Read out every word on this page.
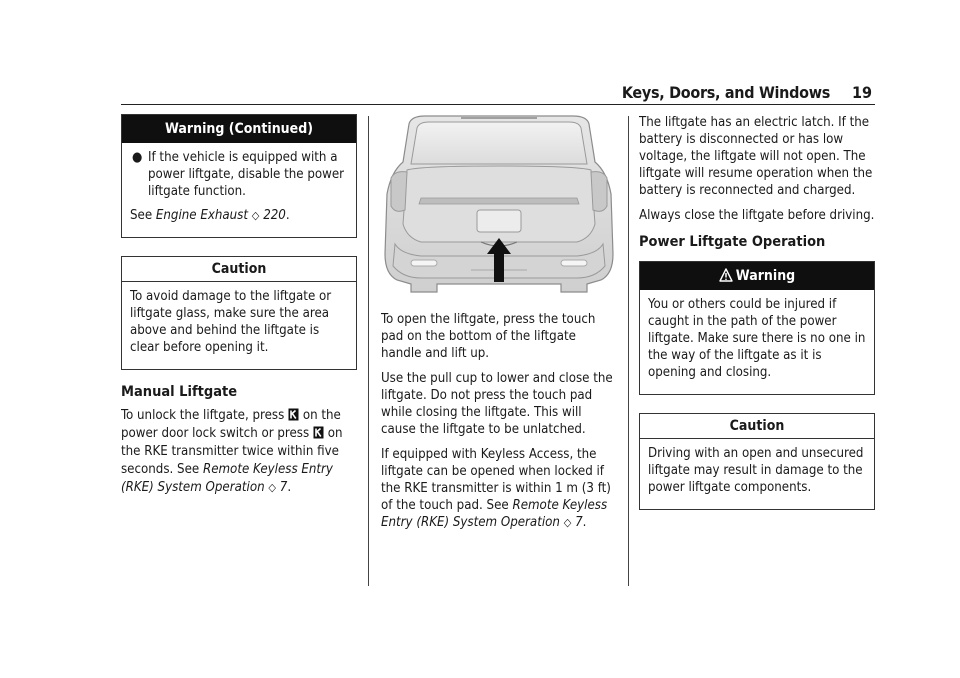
Keys, Doors, and Windows 19
Warning (Continued)
● If the vehicle is equipped with a power liftgate, disable the power liftgate function.

See Engine Exhaust ◇ 220.

Caution

To avoid damage to the liftgate or liftgate glass, make sure the area above and behind the liftgate is clear before opening it.

Manual Liftgate

To unlock the liftgate, press  on the power door lock switch or press  on the RKE transmitter twice within five seconds. See Remote Keyless Entry (RKE) System Operation ◇ 7.

To open the liftgate, press the touch pad on the bottom of the liftgate handle and lift up.

Use the pull cup to lower and close the liftgate. Do not press the touch pad while closing the liftgate. This will cause the liftgate to be unlatched.

If equipped with Keyless Access, the liftgate can be opened when locked if the RKE transmitter is within 1 m (3 ft) of the touch pad. See Remote Keyless Entry (RKE) System Operation ◇ 7.

The liftgate has an electric latch. If the battery is disconnected or has low voltage, the liftgate will not open. The liftgate will resume operation when the battery is reconnected and charged.

Always close the liftgate before driving.

Power Liftgate Operation
Warning

You or others could be injured if caught in the path of the power liftgate. Make sure there is no one in the way of the liftgate as it is opening and closing.

Caution

Driving with an open and unsecured liftgate may result in damage to the power liftgate components.
